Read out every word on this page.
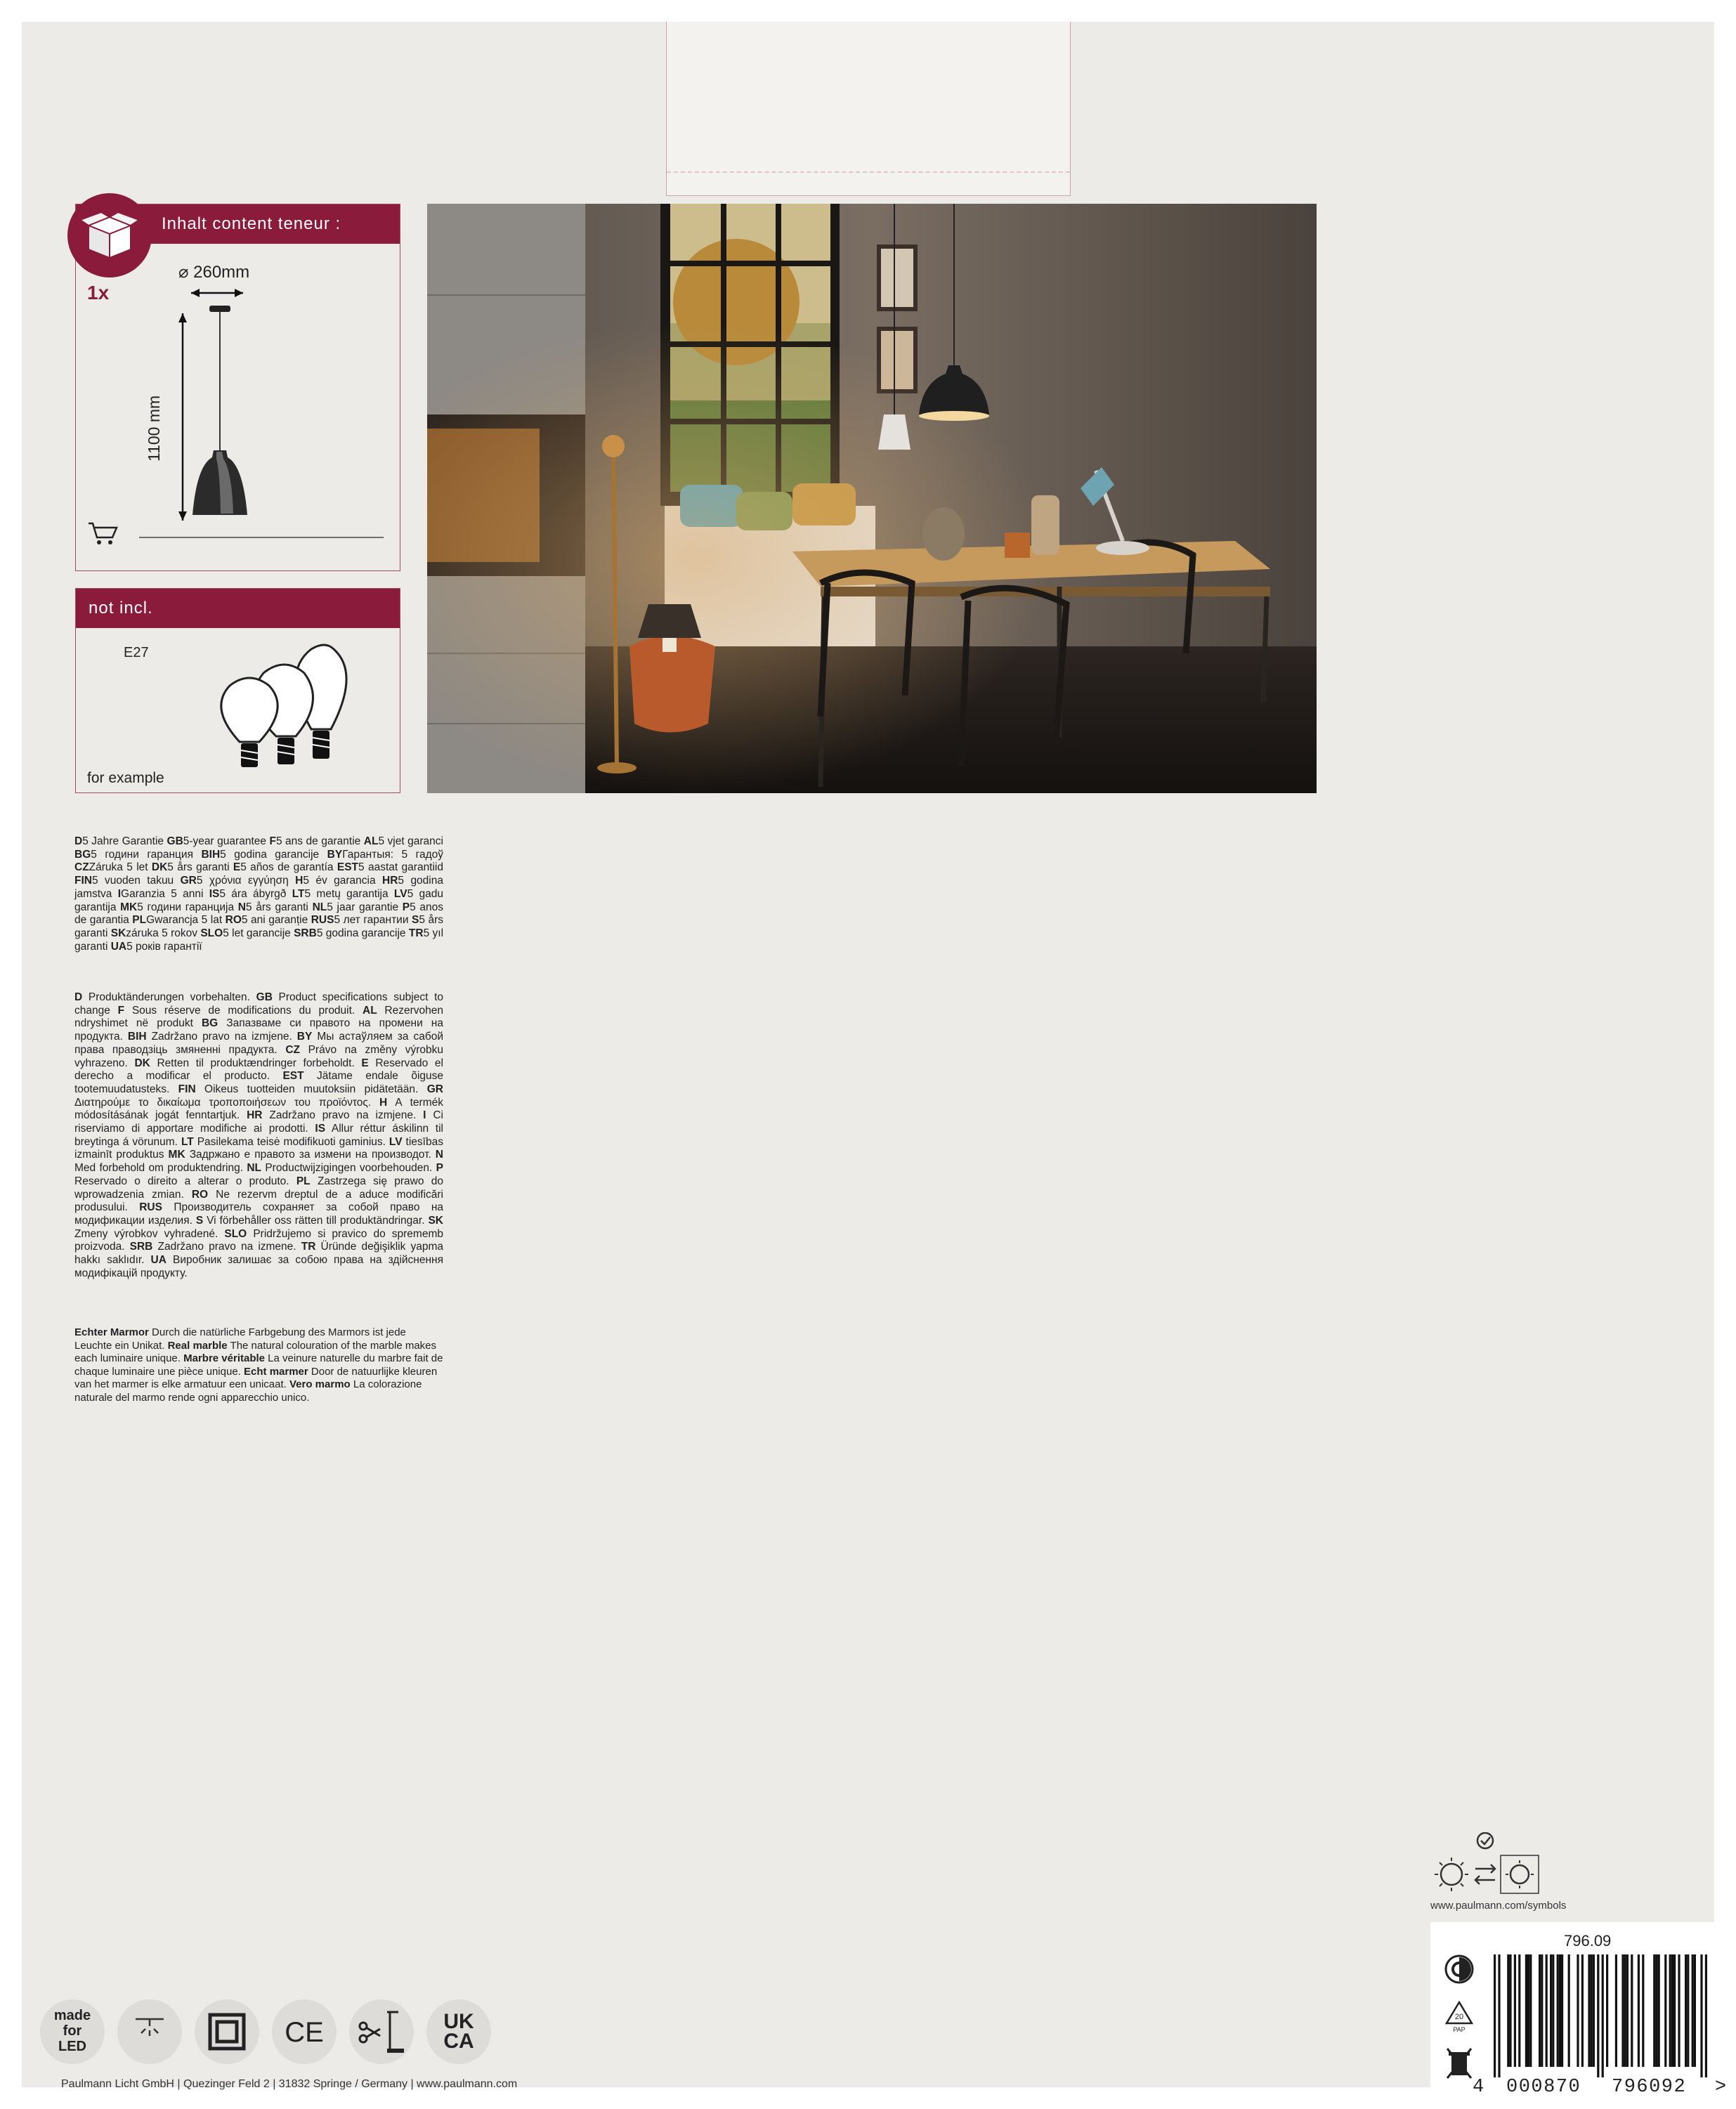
Inhalt content teneur :
1x
⌀ 260mm
1100 mm
not incl.
E27
for example
D5 Jahre Garantie GB5-year guarantee F5 ans de garantie AL5 vjet garanci BG5 години гаранция BIH5 godina garancije BYГарантыя: 5 гадоў CZZáruka 5 let DK5 års garanti E5 años de garantía EST5 aastat garantiid FIN5 vuoden takuu GR5 χρόνια εγγύηση H5 év garancia HR5 godina jamstva IGaranzia 5 anni IS5 ára ábyrgð LT5 metų garantija LV5 gadu garantija MK5 години гаранција N5 års garanti NL5 jaar garantie P5 anos de garantia PLGwarancja 5 lat RO5 ani garanție RUS5 лет гарантии S5 års garanti SKzáruka 5 rokov SLO5 let garancije SRB5 godina garancije TR5 yıl garanti UA5 років гарантії
D Produktänderungen vorbehalten. GB Product specifications subject to change F Sous réserve de modifications du produit. AL Rezervohen ndryshimet në produkt BG Запазваме си правото на промени на продукта. BIH Zadržano pravo na izmjene. BY Мы астаўляем за сабой права праводзіць змяненні прадукта. CZ Právo na změny výrobku vyhrazeno. DK Retten til produktændringer forbeholdt. E Reservado el derecho a modificar el producto. EST Jätame endale õiguse tootemuudatusteks. FIN Oikeus tuotteiden muutoksiin pidätetään. GR Διατηρούμε το δικαίωμα τροποποιήσεων του προϊόντος. H A termék módosításának jogát fenntartjuk. HR Zadržano pravo na izmjene. I Ci riserviamo di apportare modifiche ai prodotti. IS Allur réttur áskilinn til breytinga á vörunum. LT Pasilekama teisė modifikuoti gaminius. LV tiesības izmainīt produktus MK Задржано е правото за измени на производот. N Med forbehold om produktendring. NL Productwijzigingen voorbehouden. P Reservado o direito a alterar o produto. PL Zastrzega się prawo do wprowadzenia zmian. RO Ne rezervm dreptul de a aduce modificări produsului. RUS Производитель сохраняет за собой право на модификации изделия. S Vi förbehåller oss rätten till produktändringar. SK Zmeny výrobkov vyhradené. SLO Pridržujemo si pravico do sprememb proizvoda. SRB Zadržano pravo na izmene. TR Üründe değişiklik yapma hakkı saklıdır. UA Виробник залишає за собою права на здійснення модифікацій продукту.
Echter Marmor Durch die natürliche Farbgebung des Marmors ist jede Leuchte ein Unikat. Real marble The natural colouration of the marble makes each luminaire unique. Marbre véritable La veinure naturelle du marbre fait de chaque luminaire une pièce unique. Echt marmer Door de natuurlijke kleuren van het marmer is elke armatuur een unicaat. Vero marmo La colorazione naturale del marmo rende ogni apparecchio unico.
www.paulmann.com/symbols
796.09
4 000870 796092 >
20
PAP
made
for
LED	CE	UK
CA
Paulmann Licht GmbH | Quezinger Feld 2 | 31832 Springe / Germany | www.paulmann.com
